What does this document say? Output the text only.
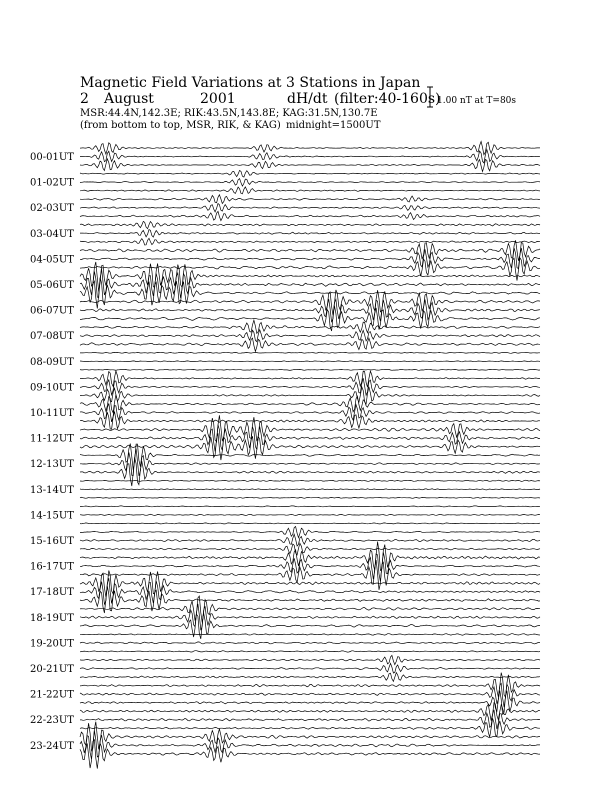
Magnetic Field Variations at 3 Stations in Japan
2 August	2001	dH/dt (filter:40-160s)
MSR:44.4N,142.3E; RIK:43.5N,143.8E; KAG:31.5N,130.7E
(from bottom to top, MSR, RIK, & KAG) midnight=1500UT
1.00 nT at T=80s
00-01UT
01-02UT
02-03UT
03-04UT
04-05UT
05-06UT
06-07UT
07-08UT
08-09UT
09-10UT
10-11UT
11-12UT
12-13UT
13-14UT
14-15UT
15-16UT
16-17UT
17-18UT
18-19UT
19-20UT
20-21UT
21-22UT
22-23UT
23-24UT
